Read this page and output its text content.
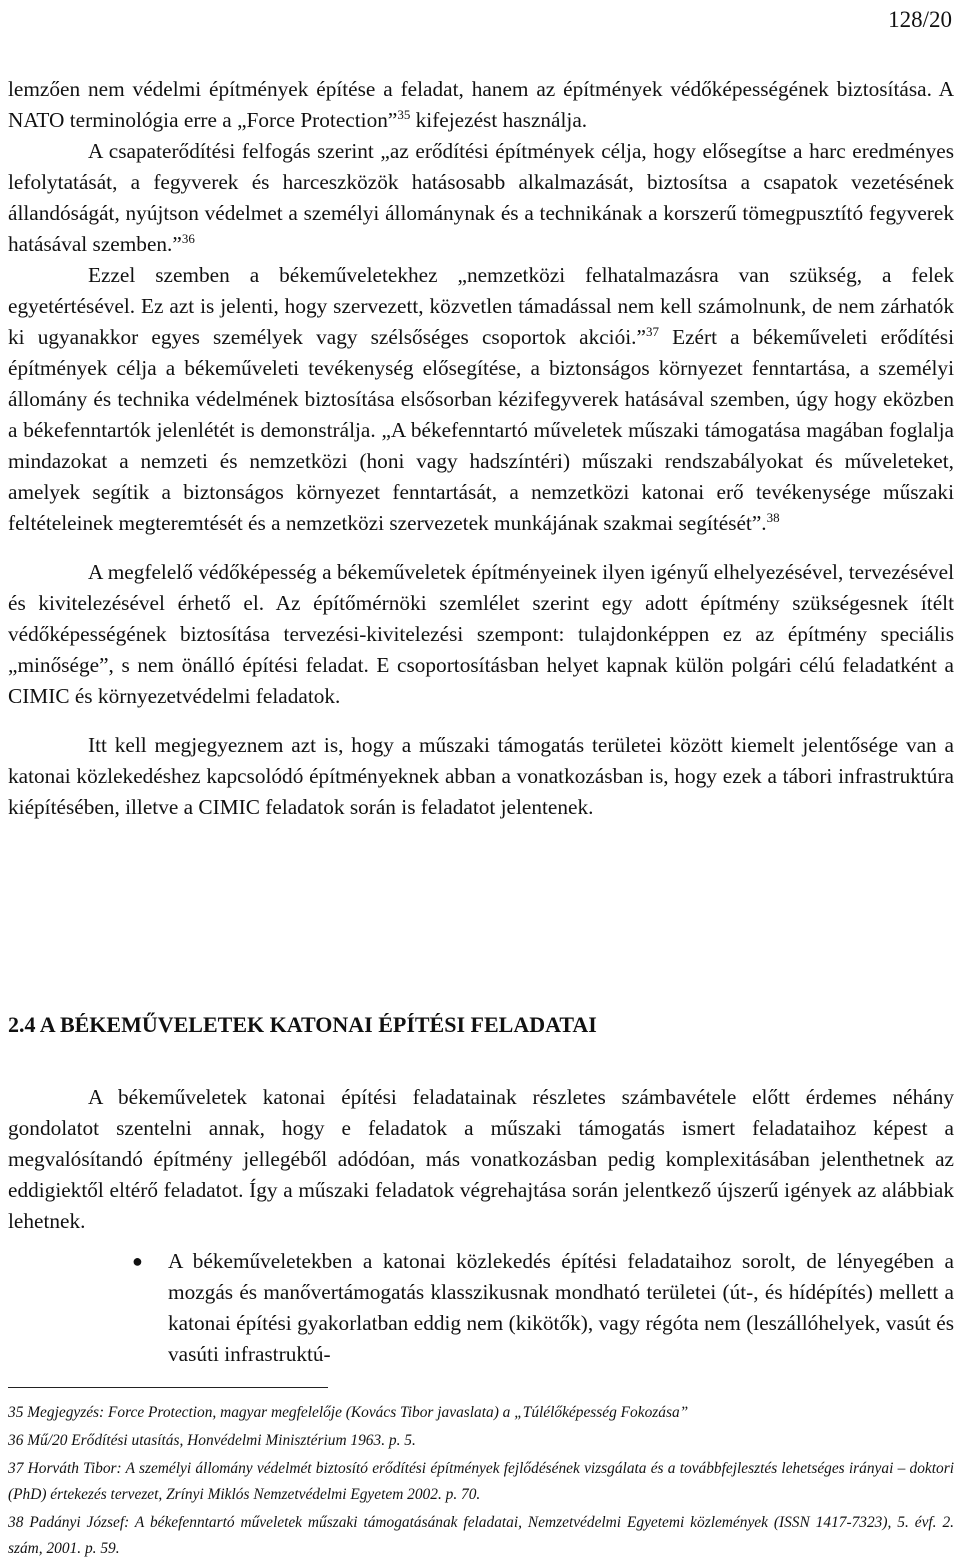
128/20

lemzően nem védelmi építmények építése a feladat, hanem az építmények védőképességének biztosítása. A NATO terminológia erre a „Force Protection”$^{35}$ kifejezést használja.

A csapaterődítési felfogás szerint „az erődítési építmények célja, hogy elősegítse a harc eredményes lefolytatását, a fegyverek és harceszközök hatásosabb alkalmazását, biztosítsa a csapatok vezetésének állandóságát, nyújtson védelmet a személyi állománynak és a technikának a korszerű tömegpusztító fegyverek hatásával szemben.”$^{36}$

Ezzel szemben a békeműveletekhez „nemzetközi felhatalmazásra van szükség, a felek egyetértésével. Ez azt is jelenti, hogy szervezett, közvetlen támadással nem kell számolnunk, de nem zárhatók ki ugyanakkor egyes személyek vagy szélsőséges csoportok akciói.”$^{37}$ Ezért a békeműveleti erődítési építmények célja a békeműveleti tevékenység elősegítése, a biztonságos környezet fenntartása, a személyi állomány és technika védelmének biztosítása elsősorban kézifegyverek hatásával szemben, úgy hogy eközben a békefenntartók jelenlétét is demonstrálja. „A békefenntartó műveletek műszaki támogatása magában foglalja mindazokat a nemzeti és nemzetközi (honi vagy hadszíntéri) műszaki rendszabályokat és műveleteket, amelyek segítik a biztonságos környezet fenntartását, a nemzetközi katonai erő tevékenysége műszaki feltételeinek megteremtését és a nemzetközi szervezetek munkájának szakmai segítését”.$^{38}$

A megfelelő védőképesség a békeműveletek építményeinek ilyen igényű elhelyezésével, tervezésével és kivitelezésével érhető el. Az építőmérnöki szemlélet szerint egy adott építmény szükségesnek ítélt védőképességének biztosítása tervezési-kivitelezési szempont: tulajdonképpen ez az építmény speciális „minősége”, s nem önálló építési feladat. E csoportosításban helyet kapnak külön polgári célú feladatként a CIMIC és környezetvédelmi feladatok.

Itt kell megjegyeznem azt is, hogy a műszaki támogatás területei között kiemelt jelentősége van a katonai közlekedéshez kapcsolódó építményeknek abban a vonatkozásban is, hogy ezek a tábori infrastruktúra kiépítésében, illetve a CIMIC feladatok során is feladatot jelentenek.

2.4 A BÉKEMŰVELETEK KATONAI ÉPÍTÉSI FELADATAI

A békeműveletek katonai építési feladatainak részletes számbavétele előtt érdemes néhány gondolatot szentelni annak, hogy e feladatok a műszaki támogatás ismert feladataihoz képest a megvalósítandó építmény jellegéből adódóan, más vonatkozásban pedig komplexitásában jelenthetnek az eddigiektől eltérő feladatot. Így a műszaki feladatok végrehajtása során jelentkező újszerű igények az alábbiak lehetnek.

● A békeműveletekben a katonai közlekedés építési feladataihoz sorolt, de lényegében a mozgás és manővertámogatás klasszikusnak mondható területei (út-, és hídépítés) mellett a katonai építési gyakorlatban eddig nem (kikötők), vagy régóta nem (leszállóhelyek, vasút és vasúti infrastruktú-

35 Megjegyzés: Force Protection, magyar megfelelője (Kovács Tibor javaslata) a „Túlélőképesség Fokozása”

36 Mű/20 Erődítési utasítás, Honvédelmi Minisztérium 1963. p. 5.

37 Horváth Tibor: A személyi állomány védelmét biztosító erődítési építmények fejlődésének vizsgálata és a továbbfejlesztés lehetséges irányai – doktori (PhD) értekezés tervezet, Zrínyi Miklós Nemzetvédelmi Egyetem 2002. p. 70.

38 Padányi József: A békefenntartó műveletek műszaki támogatásának feladatai, Nemzetvédelmi Egyetemi közlemények (ISSN 1417-7323), 5. évf. 2. szám, 2001. p. 59.
